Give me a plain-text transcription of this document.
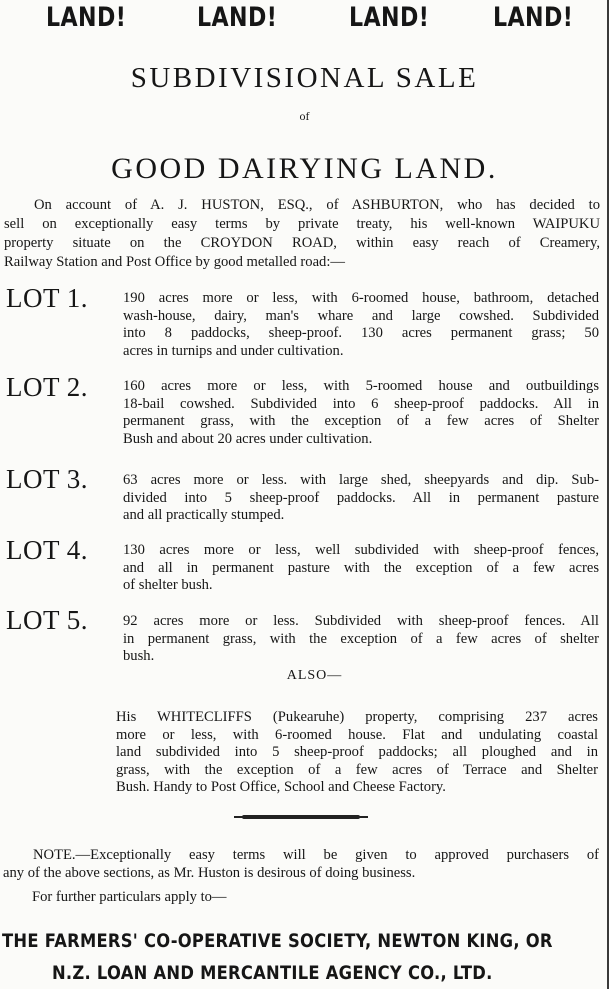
LAND!	LAND!	LAND! LAND!
SUBDIVISIONAL SALE
of
GOOD DAIRYING LAND.
On account of A. J. HUSTON, ESQ., of ASHBURTON, who has decided to
sell on exceptionally easy terms by private treaty, his well-known WAIPUKU
property situate on the CROYDON ROAD, within easy reach of Creamery,
Railway Station and Post Office by good metalled road:—
LOT 1. 190 acres more or less, with 6-roomed house, bathroom, detached
wash-house, dairy, man's whare and large cowshed. Subdivided
into 8 paddocks, sheep-proof. 130 acres permanent grass; 50
acres in turnips and under cultivation.
LOT 2. 160 acres more or less, with 5-roomed house and outbuildings
18-bail cowshed. Subdivided into 6 sheep-proof paddocks. All in
permanent grass, with the exception of a few acres of Shelter
Bush and about 20 acres under cultivation.
LOT 3. 63 acres more or less. with large shed, sheepyards and dip. Sub-
divided into 5 sheep-proof paddocks. All in permanent pasture
and all practically stumped.
LOT 4. 130 acres more or less, well subdivided with sheep-proof fences,
and all in permanent pasture with the exception of a few acres
of shelter bush.
LOT 5. 92 acres more or less. Subdivided with sheep-proof fences. All
in permanent grass, with the exception of a few acres of shelter
bush.
ALSO—
His WHITECLIFFS (Pukearuhe) property, comprising 237 acres
more or less, with 6-roomed house. Flat and undulating coastal
land subdivided into 5 sheep-proof paddocks; all ploughed and in
grass, with the exception of a few acres of Terrace and Shelter
Bush. Handy to Post Office, School and Cheese Factory.
NOTE.—Exceptionally easy terms will be given to approved purchasers of
any of the above sections, as Mr. Huston is desirous of doing business.
For further particulars apply to—
THE FARMERS' CO-OPERATIVE SOCIETY, NEWTON KING, OR
N.Z. LOAN AND MERCANTILE AGENCY CO., LTD.
